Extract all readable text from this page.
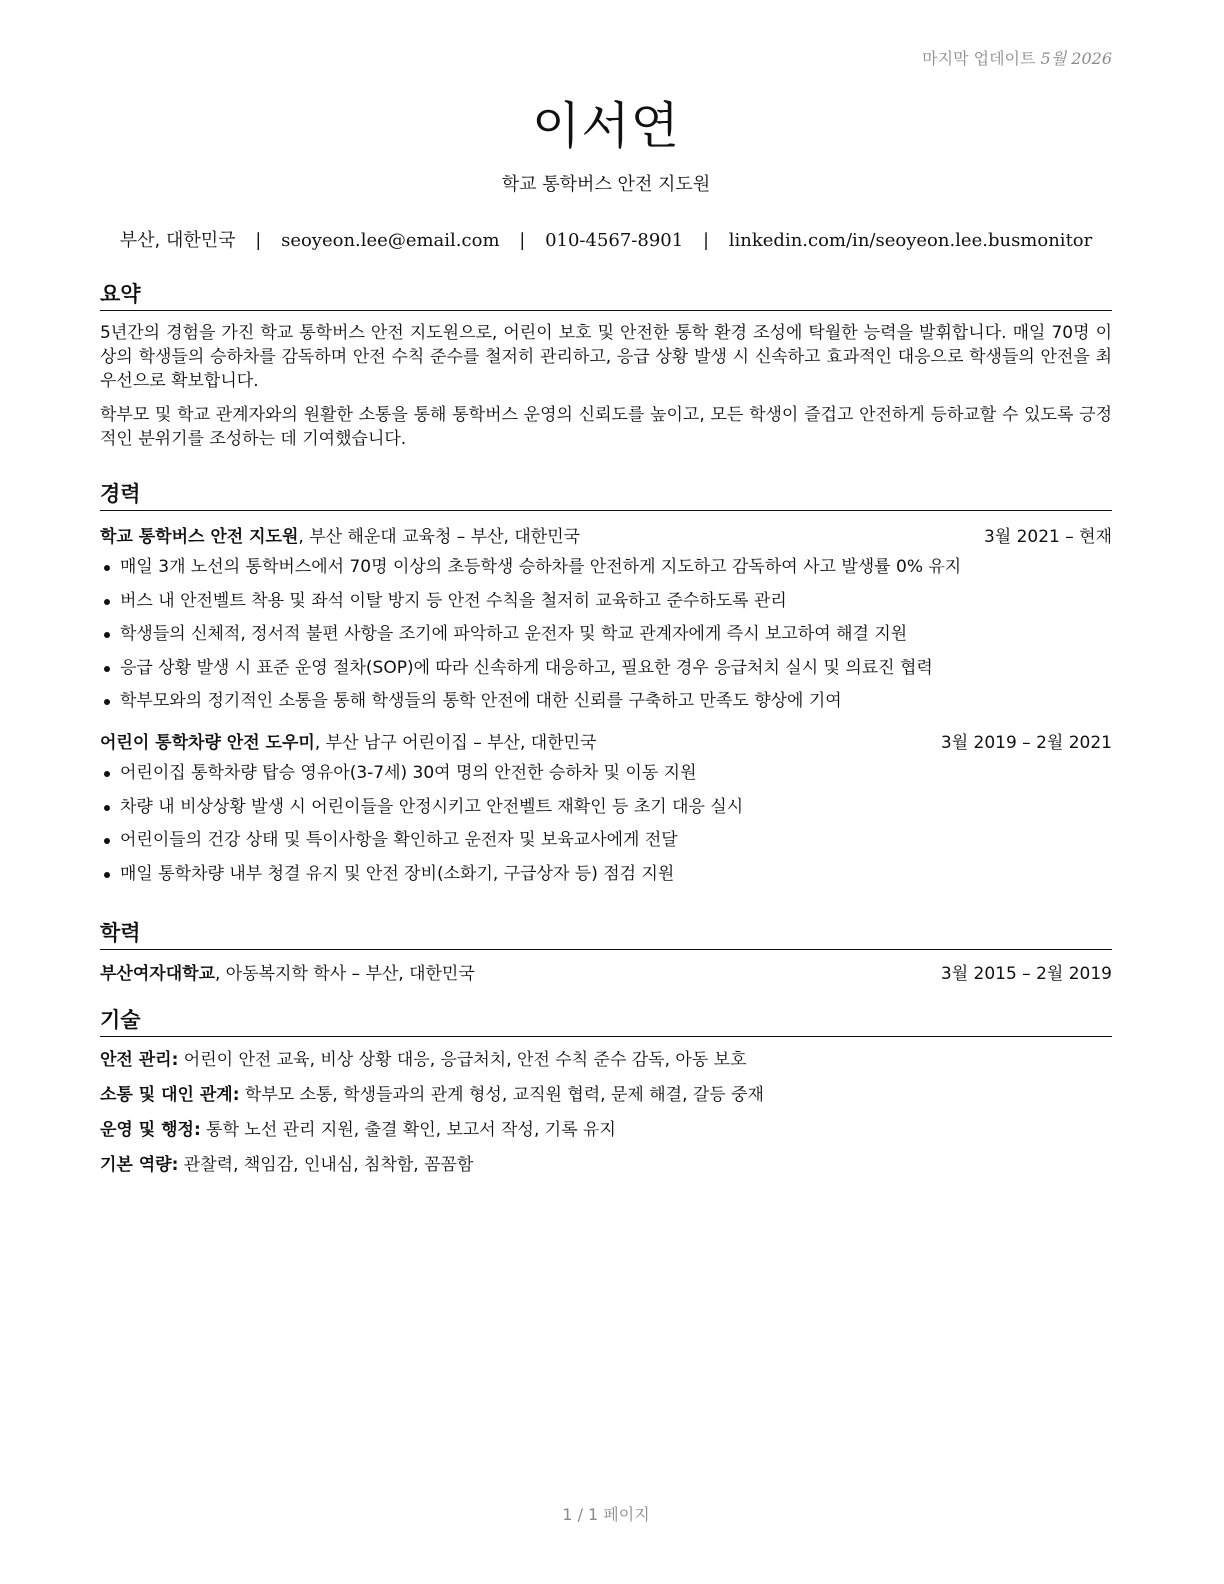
마지막 업데이트 5월 2026
이서연
학교 통학버스 안전 지도원
부산, 대한민국 | seoyeon.lee@email.com | 010-4567-8901 | linkedin.com/in/seoyeon.lee.busmonitor
요약

5년간의 경험을 가진 학교 통학버스 안전 지도원으로, 어린이 보호 및 안전한 통학 환경 조성에 탁월한 능력을 발휘합니다. 매일 70명 이상의 학생들의 승하차를 감독하며 안전 수칙 준수를 철저히 관리하고, 응급 상황 발생 시 신속하고 효과적인 대응으로 학생들의 안전을 최우선으로 확보합니다.

학부모 및 학교 관계자와의 원활한 소통을 통해 통학버스 운영의 신뢰도를 높이고, 모든 학생이 즐겁고 안전하게 등하교할 수 있도록 긍정적인 분위기를 조성하는 데 기여했습니다.

경력
학교 통학버스 안전 지도원, 부산 해운대 교육청 – 부산, 대한민국	3월 2021 – 현재
매일 3개 노선의 통학버스에서 70명 이상의 초등학생 승하차를 안전하게 지도하고 감독하여 사고 발생률 0% 유지
버스 내 안전벨트 착용 및 좌석 이탈 방지 등 안전 수칙을 철저히 교육하고 준수하도록 관리
학생들의 신체적, 정서적 불편 사항을 조기에 파악하고 운전자 및 학교 관계자에게 즉시 보고하여 해결 지원
응급 상황 발생 시 표준 운영 절차(SOP)에 따라 신속하게 대응하고, 필요한 경우 응급처치 실시 및 의료진 협력
학부모와의 정기적인 소통을 통해 학생들의 통학 안전에 대한 신뢰를 구축하고 만족도 향상에 기여
어린이 통학차량 안전 도우미, 부산 남구 어린이집 – 부산, 대한민국	3월 2019 – 2월 2021
어린이집 통학차량 탑승 영유아(3-7세) 30여 명의 안전한 승하차 및 이동 지원
차량 내 비상상황 발생 시 어린이들을 안정시키고 안전벨트 재확인 등 초기 대응 실시
어린이들의 건강 상태 및 특이사항을 확인하고 운전자 및 보육교사에게 전달
매일 통학차량 내부 청결 유지 및 안전 장비(소화기, 구급상자 등) 점검 지원
학력
부산여자대학교, 아동복지학 학사 – 부산, 대한민국	3월 2015 – 2월 2019
기술
안전 관리: 어린이 안전 교육, 비상 상황 대응, 응급처치, 안전 수칙 준수 감독, 아동 보호
소통 및 대인 관계: 학부모 소통, 학생들과의 관계 형성, 교직원 협력, 문제 해결, 갈등 중재
운영 및 행정: 통학 노선 관리 지원, 출결 확인, 보고서 작성, 기록 유지
기본 역량: 관찰력, 책임감, 인내심, 침착함, 꼼꼼함
1 / 1 페이지
